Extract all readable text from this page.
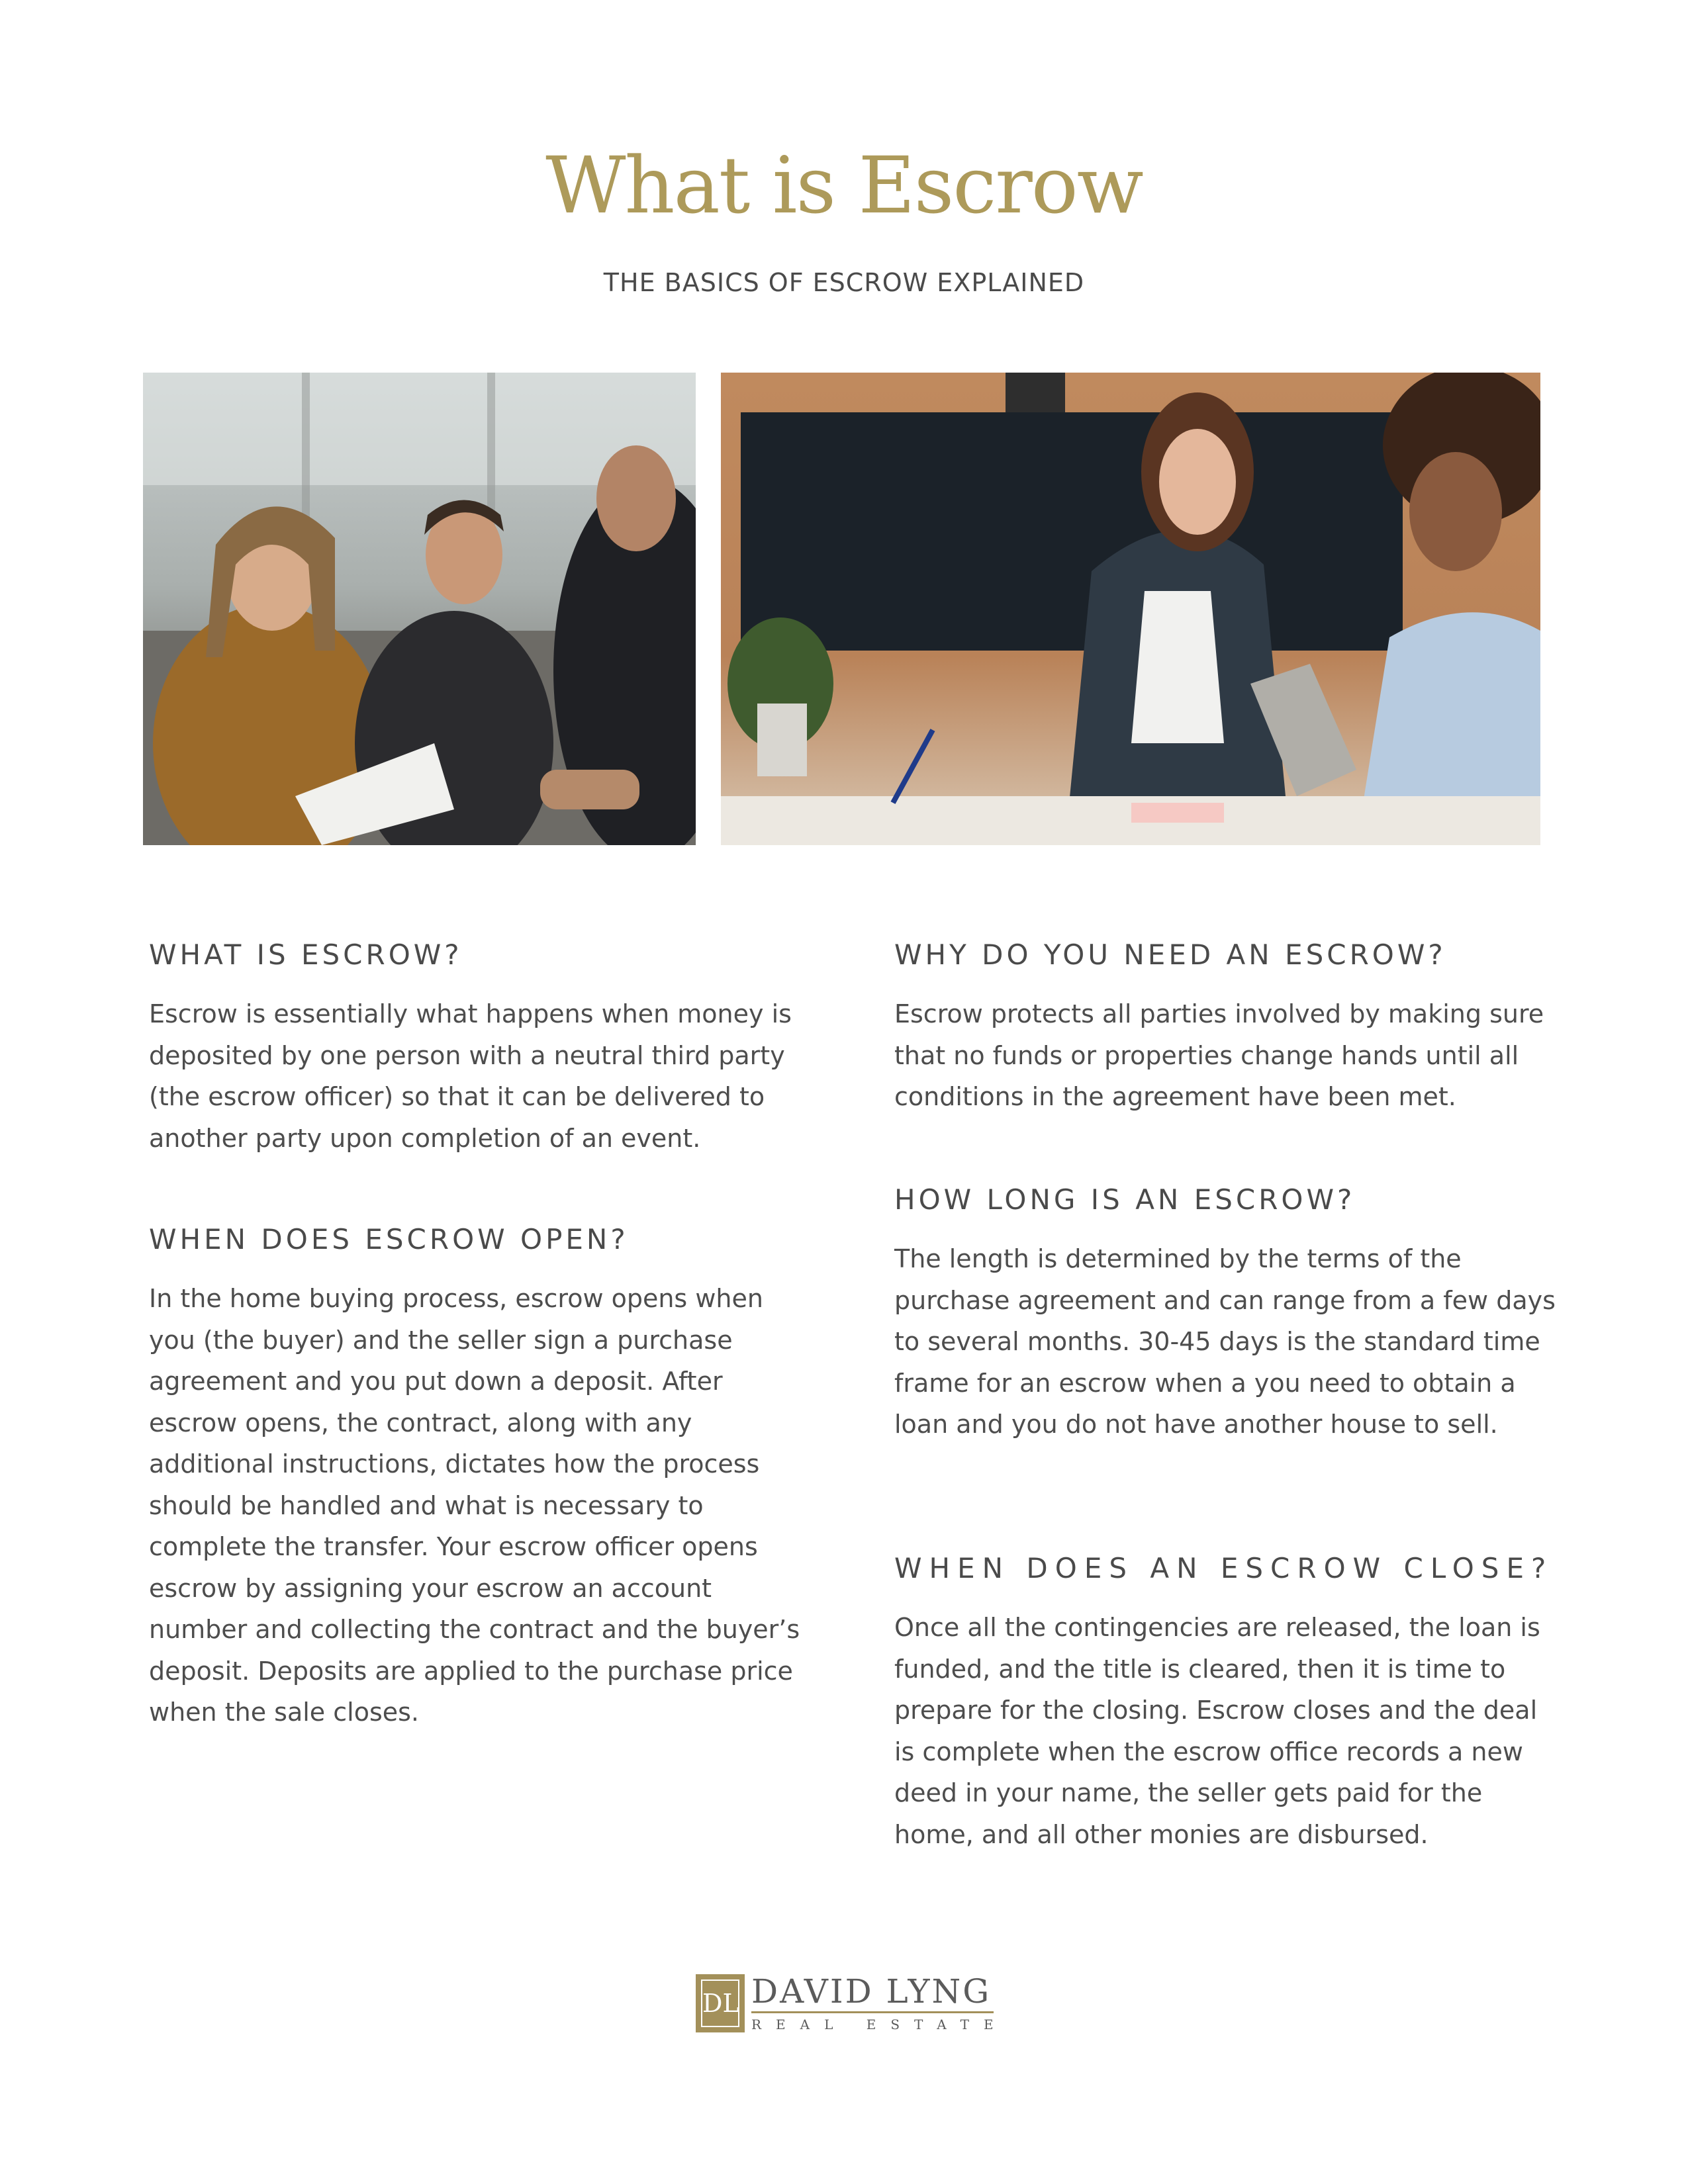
What is Escrow
THE BASICS OF ESCROW EXPLAINED
WHAT IS ESCROW?

Escrow is essentially what happens when money is deposited by one person with a neutral third party (the escrow officer) so that it can be delivered to another party upon completion of an event.

WHEN DOES ESCROW OPEN?

In the home buying process, escrow opens when you (the buyer) and the seller sign a purchase agreement and you put down a deposit. After escrow opens, the contract, along with any additional instructions, dictates how the process should be handled and what is necessary to complete the transfer. Your escrow officer opens escrow by assigning your escrow an account number and collecting the contract and the buyer’s deposit. Deposits are applied to the purchase price when the sale closes.

WHY DO YOU NEED AN ESCROW?

Escrow protects all parties involved by making sure that no funds or properties change hands until all conditions in the agreement have been met.

HOW LONG IS AN ESCROW?

The length is determined by the terms of the purchase agreement and can range from a few days to several months. 30-45 days is the standard time frame for an escrow when a you need to obtain a loan and you do not have another house to sell.

WHEN DOES AN ESCROW CLOSE?

Once all the contingencies are released, the loan is funded, and the title is cleared, then it is time to prepare for the closing. Escrow closes and the deal is complete when the escrow office records a new deed in your name, the seller gets paid for the home, and all other monies are disbursed.

DL DAVID LYNG
REAL ESTATE
